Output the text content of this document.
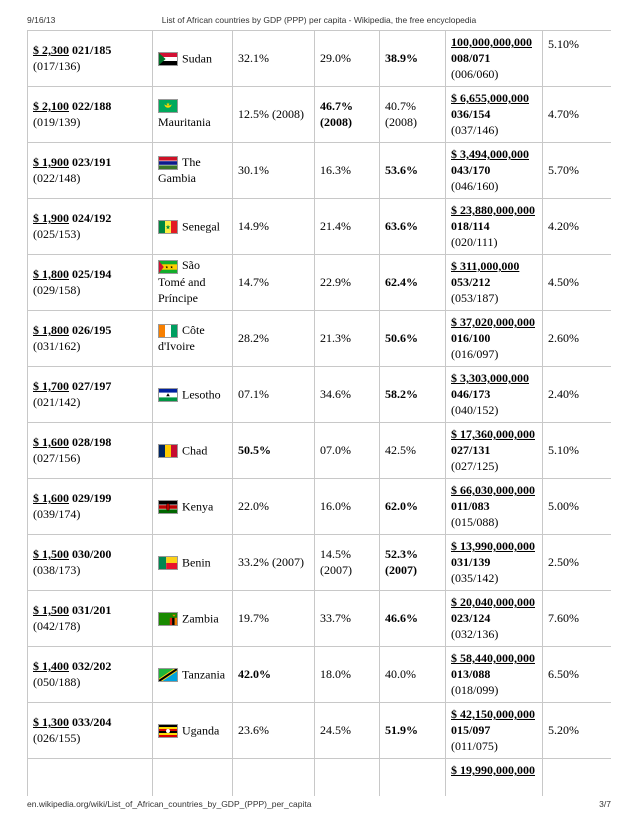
9/16/13	List of African countries by GDP (PPP) per capita - Wikipedia, the free encyclopedia
$ 2,300 021/185
(017/136)	Sudan	32.1%	29.0%	38.9%	100,000,000,000
008/071
(006/060)	5.10%
$ 2,100 022/188
(019/139)	Mauritania	12.5% (2008)	46.7% (2008)	40.7% (2008)	$ 6,655,000,000
036/154
(037/146)	4.70%
$ 1,900 023/191
(022/148)	The Gambia	30.1%	16.3%	53.6%	$ 3,494,000,000
043/170
(046/160)	5.70%
$ 1,900 024/192
(025/153)	Senegal	14.9%	21.4%	63.6%	$ 23,880,000,000
018/114
(020/111)	4.20%
$ 1,800 025/194
(029/158)	São Tomé and Príncipe	14.7%	22.9%	62.4%	$ 311,000,000
053/212
(053/187)	4.50%
$ 1,800 026/195
(031/162)	Côte d'Ivoire	28.2%	21.3%	50.6%	$ 37,020,000,000
016/100
(016/097)	2.60%
$ 1,700 027/197
(021/142)	Lesotho	07.1%	34.6%	58.2%	$ 3,303,000,000
046/173
(040/152)	2.40%
$ 1,600 028/198
(027/156)	Chad	50.5%	07.0%	42.5%	$ 17,360,000,000
027/131
(027/125)	5.10%
$ 1,600 029/199
(039/174)	Kenya	22.0%	16.0%	62.0%	$ 66,030,000,000
011/083
(015/088)	5.00%
$ 1,500 030/200
(038/173)	Benin	33.2% (2007)	14.5% (2007)	52.3% (2007)	$ 13,990,000,000
031/139
(035/142)	2.50%
$ 1,500 031/201
(042/178)	Zambia	19.7%	33.7%	46.6%	$ 20,040,000,000
023/124
(032/136)	7.60%
$ 1,400 032/202
(050/188)	Tanzania	42.0%	18.0%	40.0%	$ 58,440,000,000
013/088
(018/099)	6.50%
$ 1,300 033/204
(026/155)	Uganda	23.6%	24.5%	51.9%	$ 42,150,000,000
015/097
(011/075)	5.20%
					$ 19,990,000,000	
en.wikipedia.org/wiki/List_of_African_countries_by_GDP_(PPP)_per_capita	3/7
